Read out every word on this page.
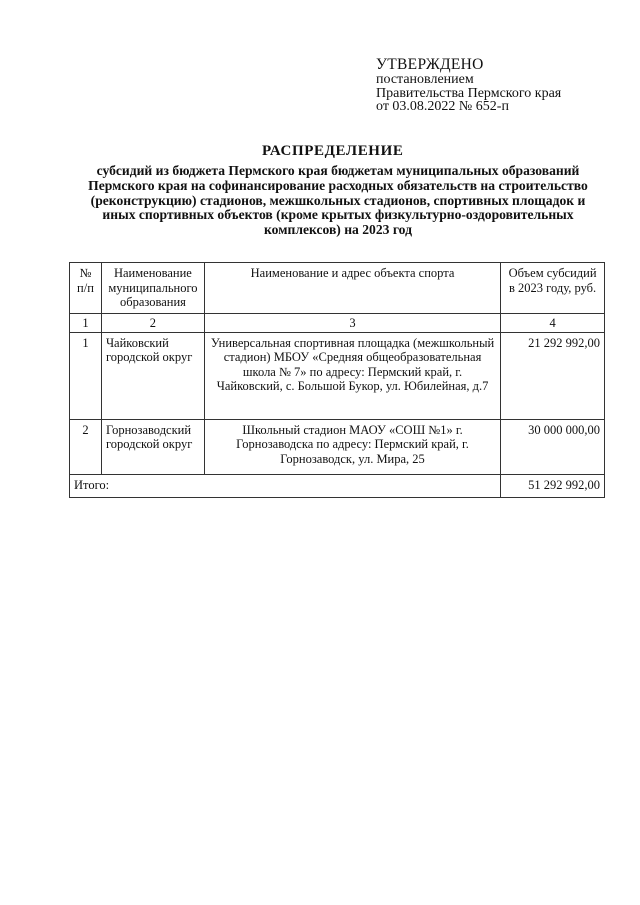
УТВЕРЖДЕНО
постановлением
Правительства Пермского края
от 03.08.2022 № 652-п
РАСПРЕДЕЛЕНИЕ
субсидий из бюджета Пермского края бюджетам муниципальных образований Пермского края на софинансирование расходных обязательств на строительство (реконструкцию) стадионов, межшкольных стадионов, спортивных площадок и иных спортивных объектов (кроме крытых физкультурно-оздоровительных комплексов) на 2023 год
№ п/п	Наименование муниципального образования	Наименование и адрес объекта спорта	Объем субсидий в 2023 году, руб.
1	2	3	4
1	Чайковский городской округ	Универсальная спортивная площадка (межшкольный стадион) МБОУ «Средняя общеобразовательная школа № 7» по адресу: Пермский край, г. Чайковский, с. Большой Букор, ул. Юбилейная, д.7	21 292 992,00
2	Горнозаводский городской округ	Школьный стадион МАОУ «СОШ №1» г. Горнозаводска по адресу: Пермский край, г. Горнозаводск, ул. Мира, 25	30 000 000,00
Итого:			51 292 992,00
